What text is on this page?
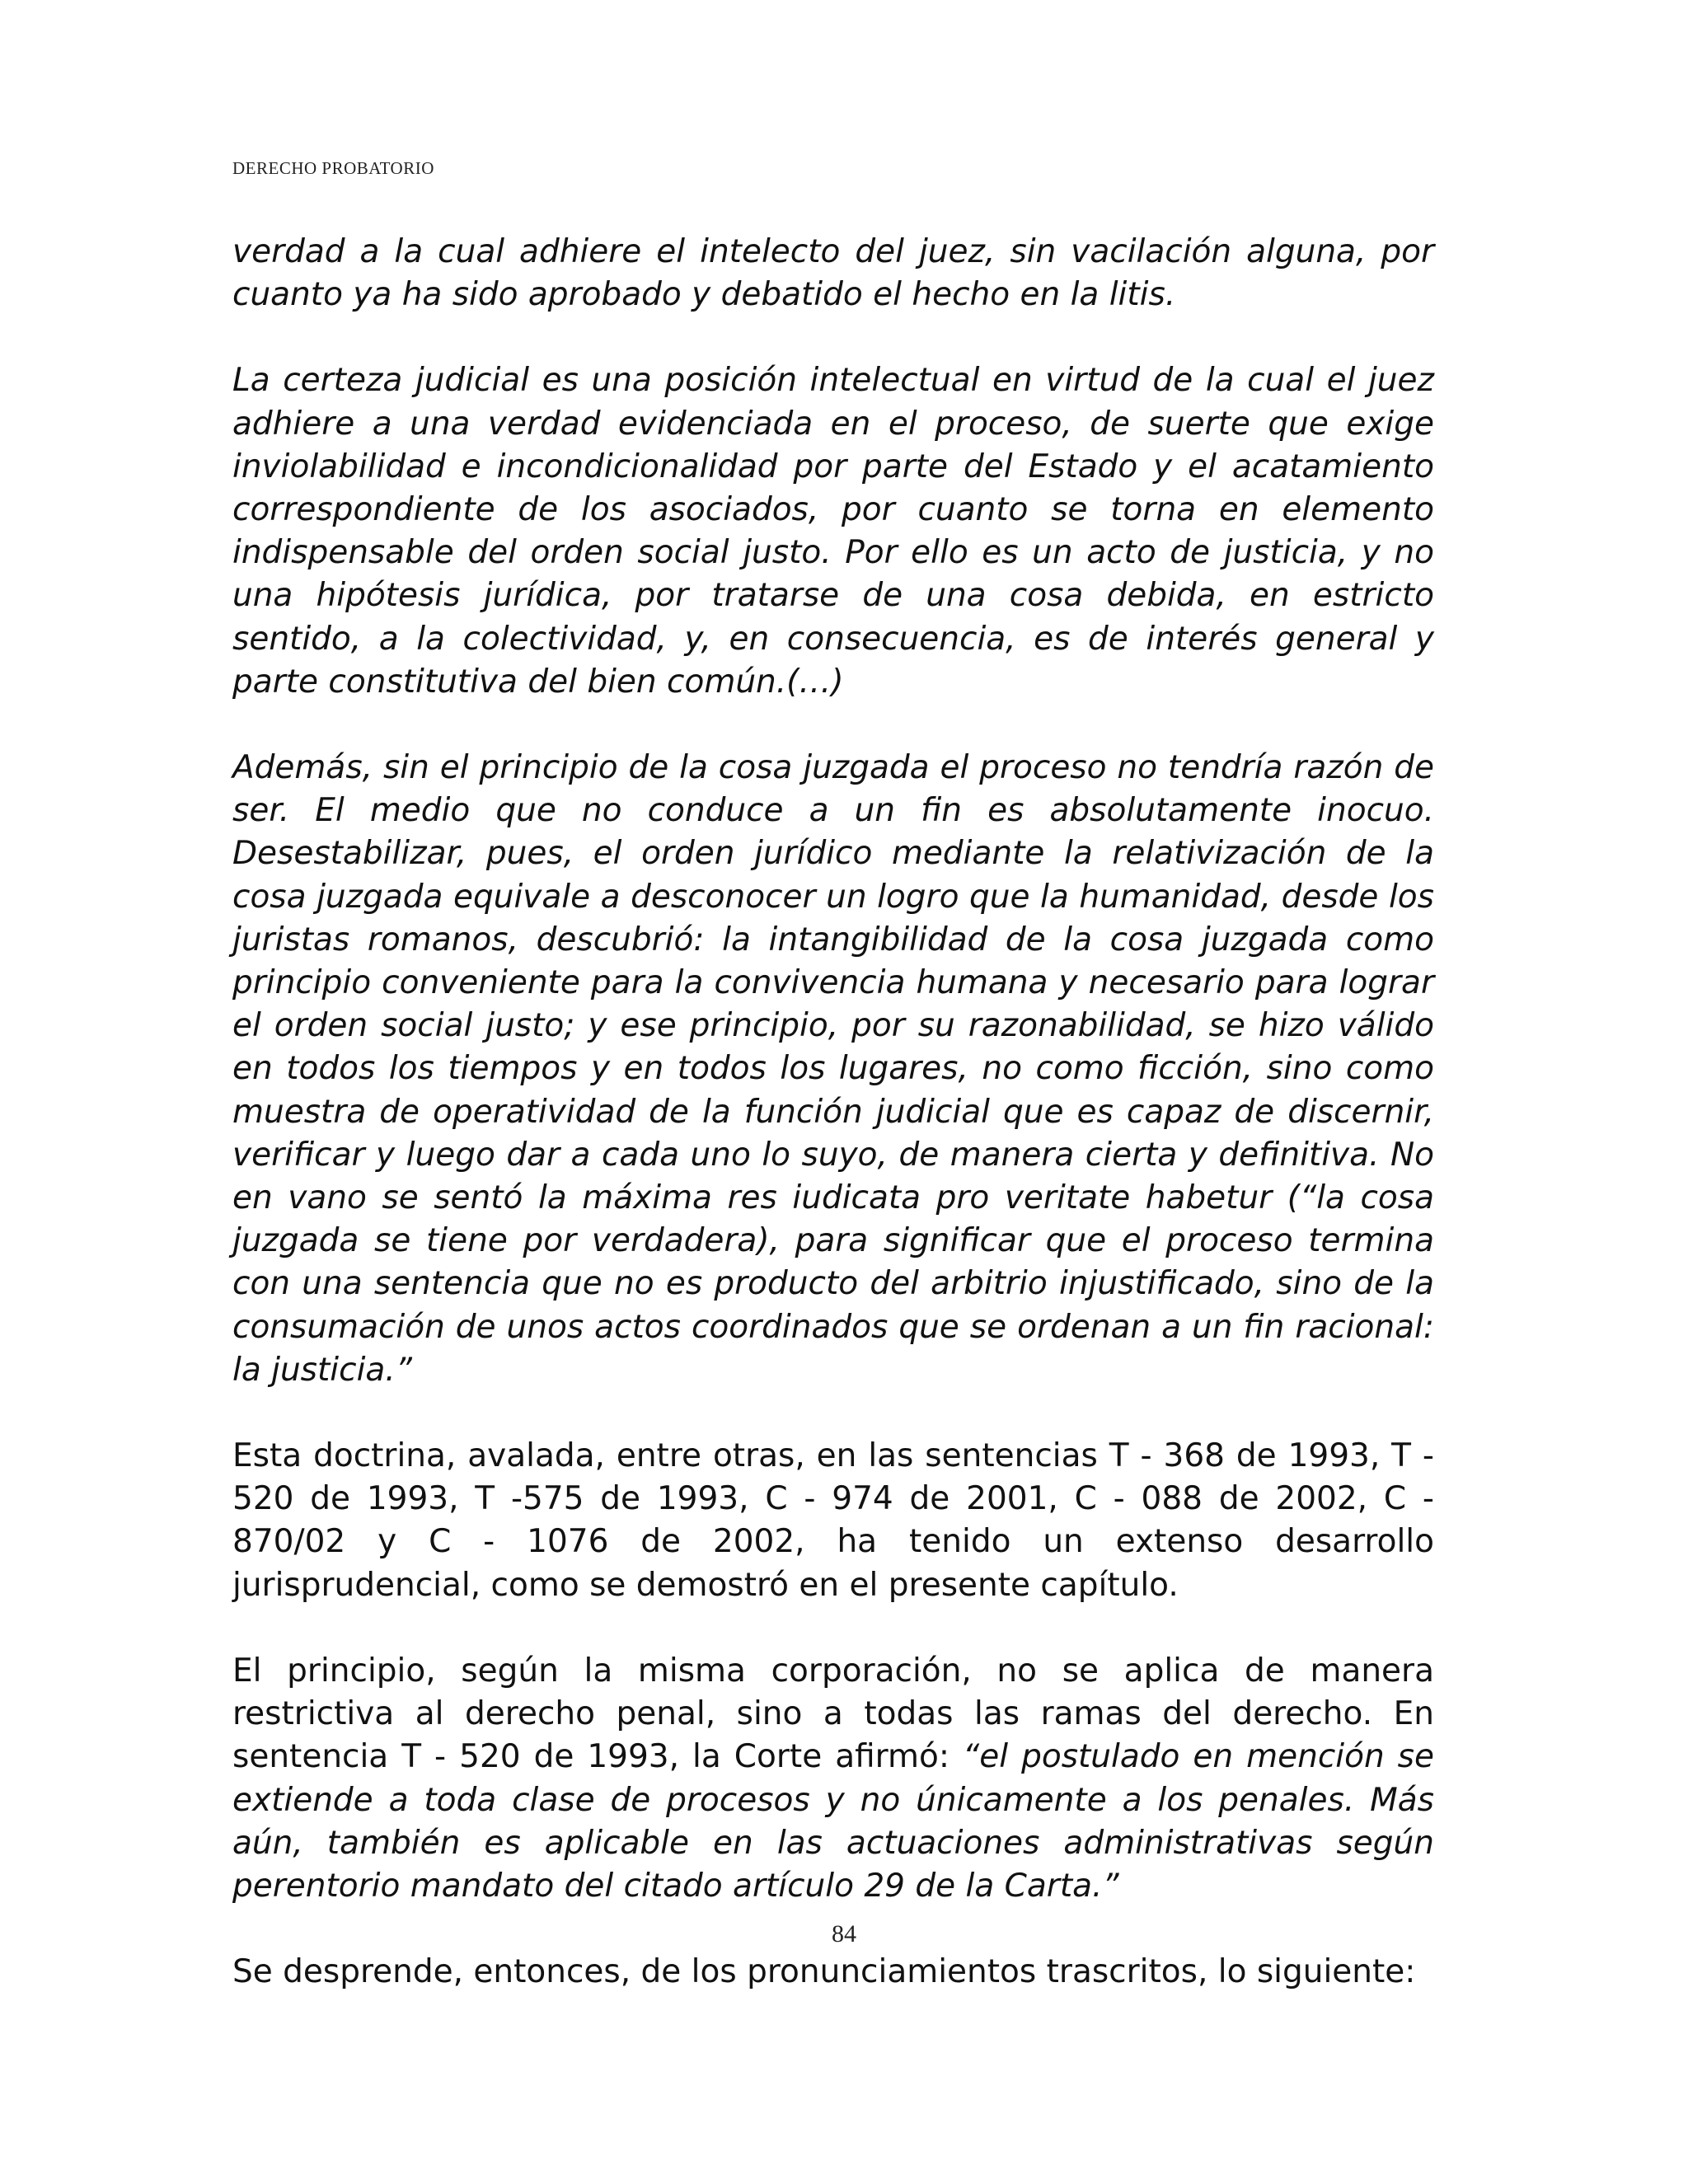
DERECHO PROBATORIO

verdad a la cual adhiere el intelecto del juez, sin vacilación alguna, por cuanto ya ha sido aprobado y debatido el hecho en la litis.

La certeza judicial es una posición intelectual en virtud de la cual el juez adhiere a una verdad evidenciada en el proceso, de suerte que exige inviolabilidad e incondicionalidad por parte del Estado y el acatamiento correspondiente de los asociados, por cuanto se torna en elemento indispensable del orden social justo. Por ello es un acto de justicia, y no una hipótesis jurídica, por tratarse de una cosa debida, en estricto sentido, a la colectividad, y, en consecuencia, es de interés general y parte constitutiva del bien común.(…)

Además, sin el principio de la cosa juzgada el proceso no tendría razón de ser. El medio que no conduce a un fin es absolutamente inocuo. Desestabilizar, pues, el orden jurídico mediante la relativización de la cosa juzgada equivale a desconocer un logro que la humanidad, desde los juristas romanos, descubrió: la intangibilidad de la cosa juzgada como principio conveniente para la convivencia humana y necesario para lograr el orden social justo; y ese principio, por su razonabilidad, se hizo válido en todos los tiempos y en todos los lugares, no como ficción, sino como muestra de operatividad de la función judicial que es capaz de discernir, verificar y luego dar a cada uno lo suyo, de manera cierta y definitiva. No en vano se sentó la máxima res iudicata pro veritate habetur (“la cosa juzgada se tiene por verdadera), para significar que el proceso termina con una sentencia que no es producto del arbitrio injustificado, sino de la consumación de unos actos coordinados que se ordenan a un fin racional: la justicia.”

Esta doctrina, avalada, entre otras, en las sentencias T - 368 de 1993, T - 520 de 1993, T -575 de 1993, C - 974 de 2001, C - 088 de 2002, C - 870/02 y C - 1076 de 2002, ha tenido un extenso desarrollo jurisprudencial, como se demostró en el presente capítulo.

El principio, según la misma corporación, no se aplica de manera restrictiva al derecho penal, sino a todas las ramas del derecho. En sentencia T - 520 de 1993, la Corte afirmó: “el postulado en mención se extiende a toda clase de procesos y no únicamente a los penales. Más aún, también es aplicable en las actuaciones administrativas según perentorio mandato del citado artículo 29 de la Carta.”

Se desprende, entonces, de los pronunciamientos trascritos, lo siguiente:

84
